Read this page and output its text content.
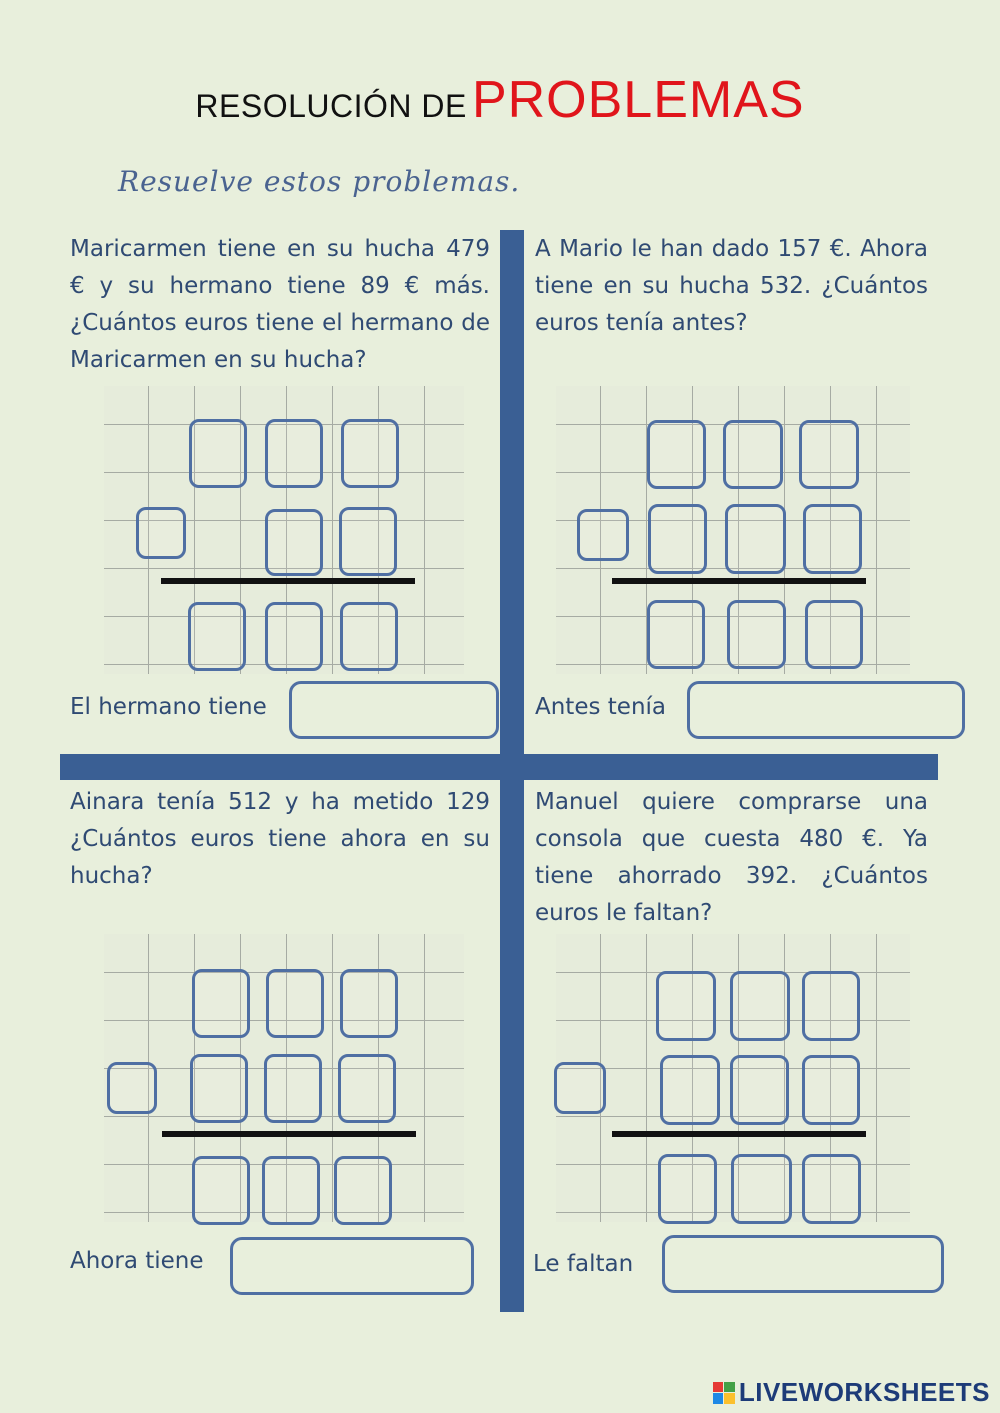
RESOLUCIÓN DE PROBLEMAS
Resuelve estos problemas.
Maricarmen tiene en su hucha 479 € y su hermano tiene 89 € más. ¿Cuántos euros tiene el hermano de Maricarmen en su hucha?
El hermano tiene
A Mario le han dado 157 €. Ahora tiene en su hucha 532. ¿Cuántos euros tenía antes?
Antes tenía
Ainara tenía 512 y ha metido 129 ¿Cuántos euros tiene ahora en su hucha?
Ahora tiene
Manuel quiere comprarse una consola que cuesta 480 €. Ya tiene ahorrado 392. ¿Cuántos euros le faltan?
Le faltan
LIVEWORKSHEETS
